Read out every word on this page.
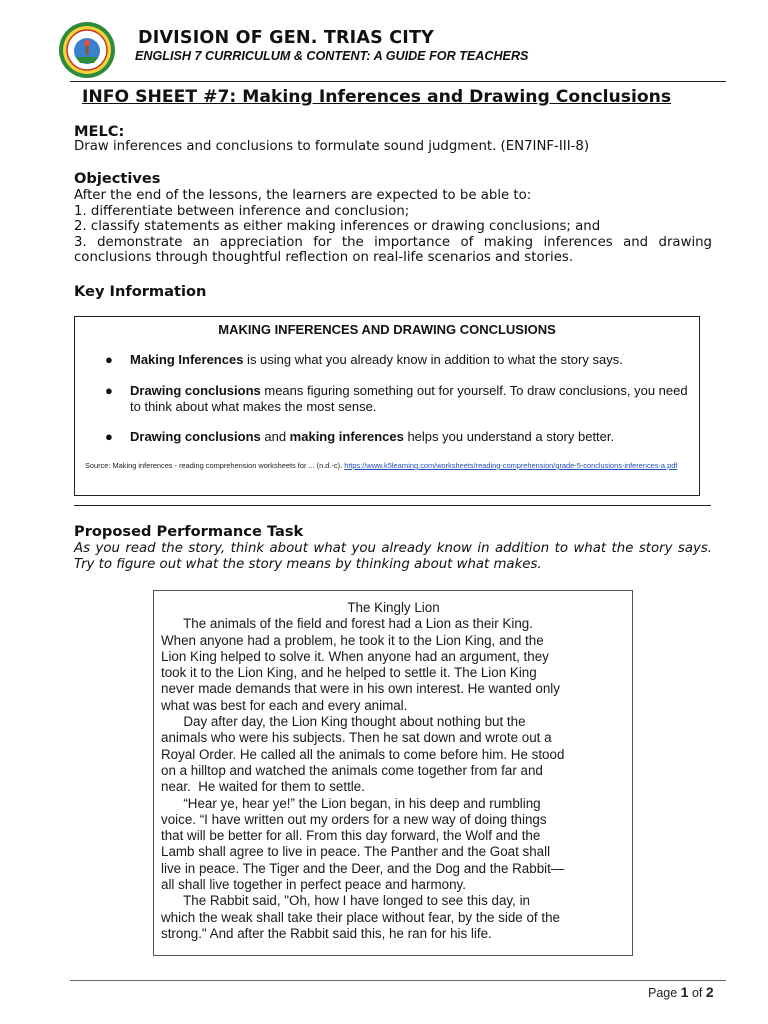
DIVISION OF GEN. TRIAS CITY
ENGLISH 7 CURRICULUM & CONTENT: A GUIDE FOR TEACHERS
INFO SHEET #7: Making Inferences and Drawing Conclusions
MELC:
Draw inferences and conclusions to formulate sound judgment. (EN7INF-III-8)
Objectives
After the end of the lessons, the learners are expected to be able to:
1. differentiate between inference and conclusion;
2. classify statements as either making inferences or drawing conclusions; and
3. demonstrate an appreciation for the importance of making inferences and drawing
conclusions through thoughtful reflection on real-life scenarios and stories.
Key Information
MAKING INFERENCES AND DRAWING CONCLUSIONS
● Making Inferences is using what you already know in addition to what the story says.
● Drawing conclusions means figuring something out for yourself. To draw conclusions, you need to think about what makes the most sense.
● Drawing conclusions and making inferences helps you understand a story better.
Source: Making inferences - reading comprehension worksheets for ... (n.d.-c). https://www.k5learning.com/worksheets/reading-comprehension/grade-5-conclusions-inferences-a.pdf
Proposed Performance Task
As you read the story, think about what you already know in addition to what the story says. Try to figure out what the story means by thinking about what makes.
The Kingly Lion
The animals of the field and forest had a Lion as their King.
When anyone had a problem, he took it to the Lion King, and the
Lion King helped to solve it. When anyone had an argument, they
took it to the Lion King, and he helped to settle it. The Lion King
never made demands that were in his own interest. He wanted only
what was best for each and every animal.
Day after day, the Lion King thought about nothing but the
animals who were his subjects. Then he sat down and wrote out a
Royal Order. He called all the animals to come before him. He stood
on a hilltop and watched the animals come together from far and
near.  He waited for them to settle.
“Hear ye, hear ye!” the Lion began, in his deep and rumbling
voice. “I have written out my orders for a new way of doing things
that will be better for all. From this day forward, the Wolf and the
Lamb shall agree to live in peace. The Panther and the Goat shall
live in peace. The Tiger and the Deer, and the Dog and the Rabbit—
all shall live together in perfect peace and harmony.
The Rabbit said, "Oh, how I have longed to see this day, in
which the weak shall take their place without fear, by the side of the
strong." And after the Rabbit said this, he ran for his life.
Page 1 of 2
